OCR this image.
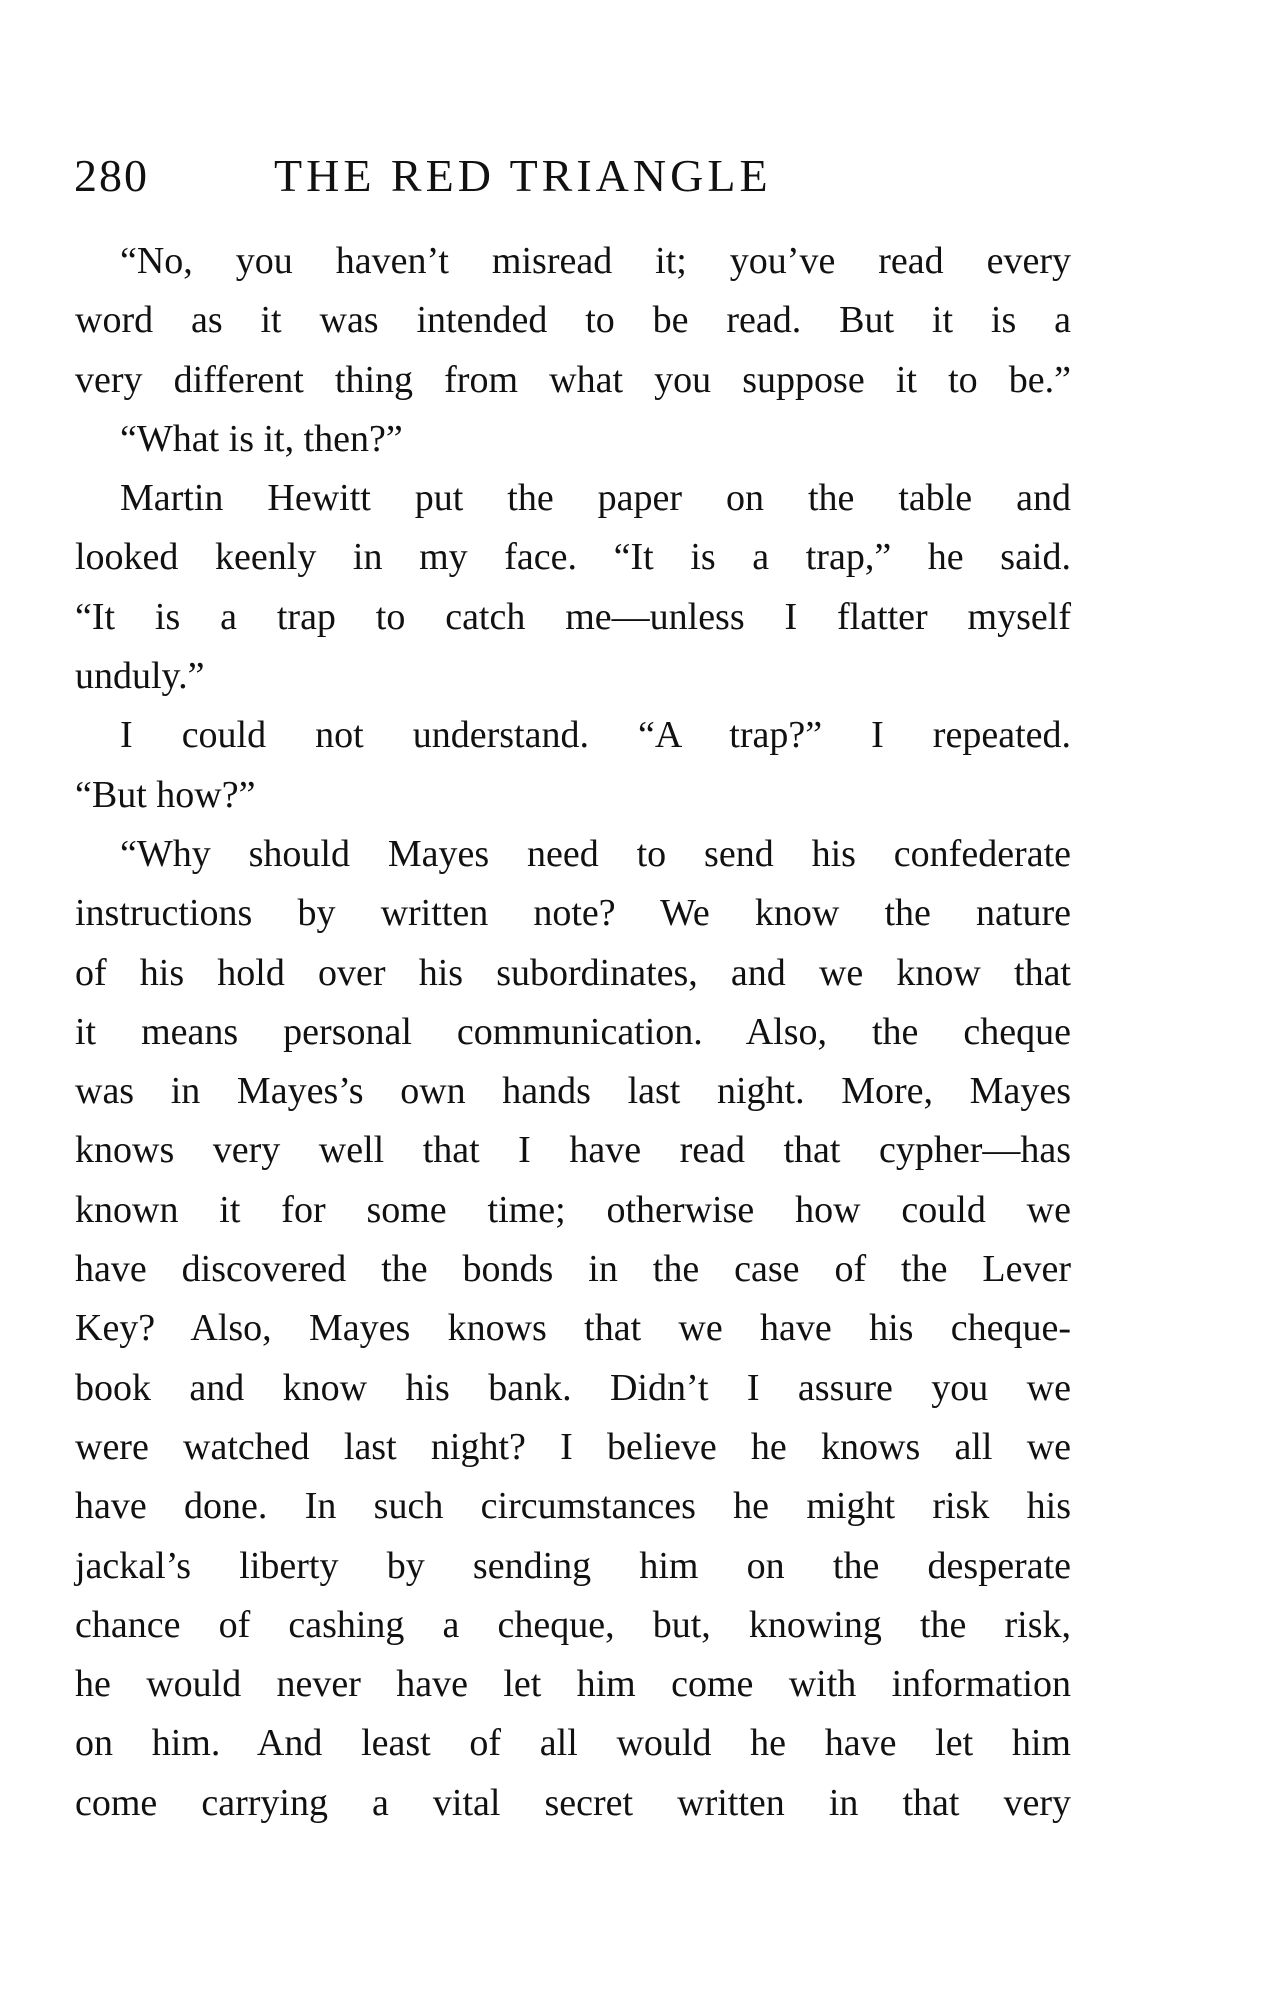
280	THE RED TRIANGLE
“No, you haven’t misread it; you’ve read every
word as it was intended to be read. But it is a
very different thing from what you suppose it to be.”
“What is it, then?”
Martin Hewitt put the paper on the table and
looked keenly in my face. “It is a trap,” he said.
“It is a trap to catch me—unless I flatter myself
unduly.”
I could not understand. “A trap?” I repeated.
“But how?”
“Why should Mayes need to send his confederate
instructions by written note? We know the nature
of his hold over his subordinates, and we know that
it means personal communication. Also, the cheque
was in Mayes’s own hands last night. More, Mayes
knows very well that I have read that cypher—has
known it for some time; otherwise how could we
have discovered the bonds in the case of the Lever
Key? Also, Mayes knows that we have his cheque-
book and know his bank. Didn’t I assure you we
were watched last night? I believe he knows all we
have done. In such circumstances he might risk his
jackal’s liberty by sending him on the desperate
chance of cashing a cheque, but, knowing the risk,
he would never have let him come with information
on him. And least of all would he have let him
come carrying a vital secret written in that very
